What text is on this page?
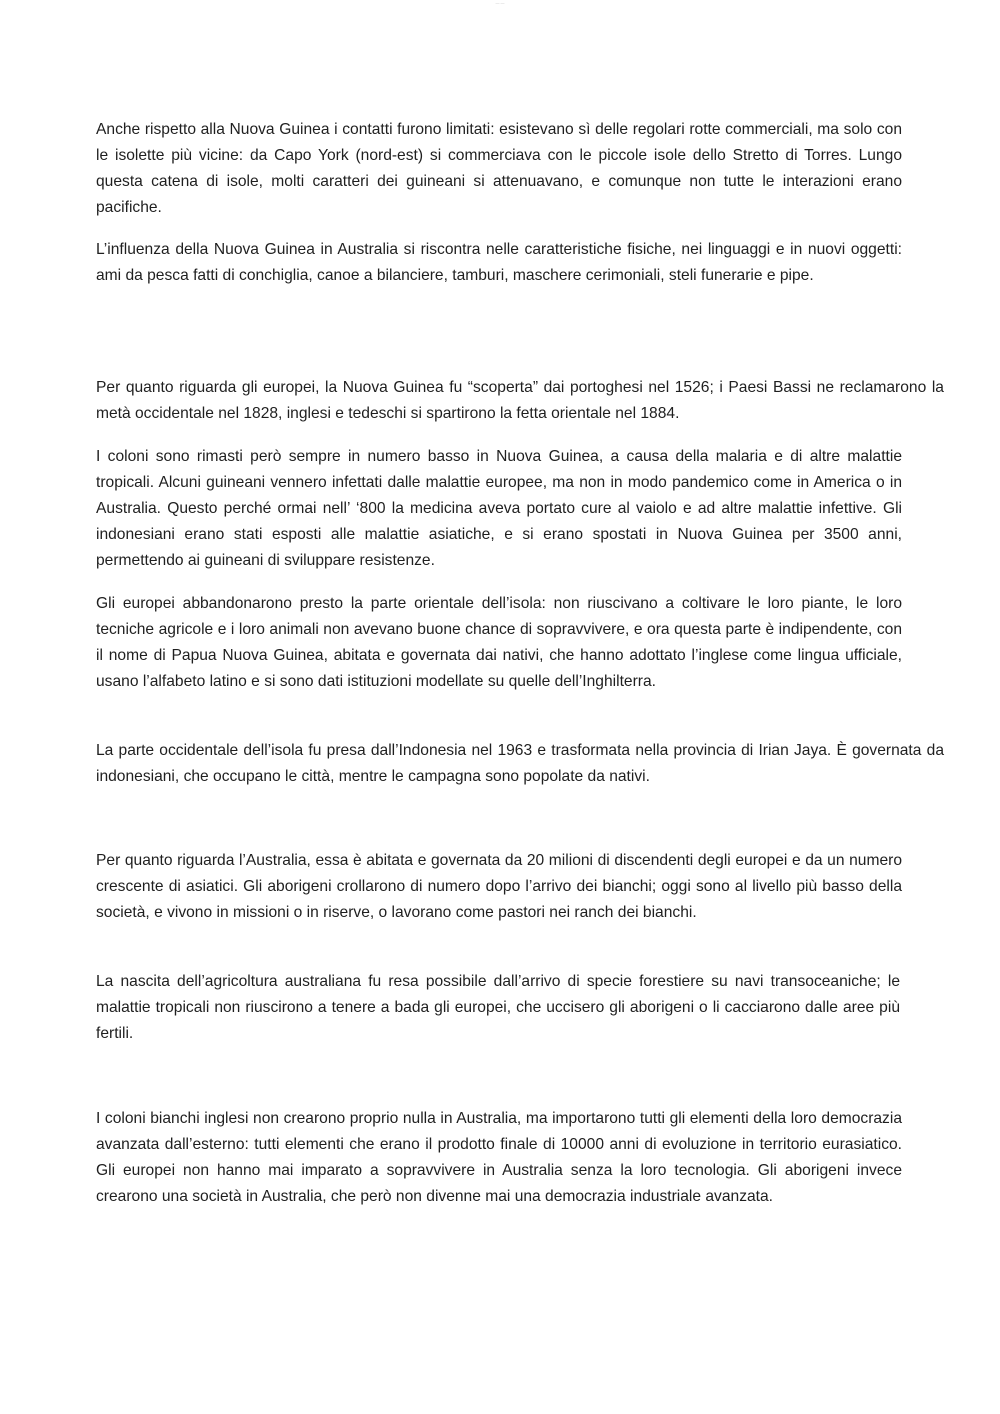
— —

Anche rispetto alla Nuova Guinea i contatti furono limitati: esistevano sì delle regolari rotte commerciali, ma solo con le isolette più vicine: da Capo York (nord-est) si commerciava con le piccole isole dello Stretto di Torres. Lungo questa catena di isole, molti caratteri dei guineani si attenuavano, e comunque non tutte le interazioni erano pacifiche.

L’influenza della Nuova Guinea in Australia si riscontra nelle caratteristiche fisiche, nei linguaggi e in nuovi oggetti: ami da pesca fatti di conchiglia, canoe a bilanciere, tamburi, maschere cerimoniali, steli funerarie e pipe.

Per quanto riguarda gli europei, la Nuova Guinea fu “scoperta” dai portoghesi nel 1526; i Paesi Bassi ne reclamarono la metà occidentale nel 1828, inglesi e tedeschi si spartirono la fetta orientale nel 1884.

I coloni sono rimasti però sempre in numero basso in Nuova Guinea, a causa della malaria e di altre malattie tropicali. Alcuni guineani vennero infettati dalle malattie europee, ma non in modo pandemico come in America o in Australia. Questo perché ormai nell’ ‘800 la medicina aveva portato cure al vaiolo e ad altre malattie infettive. Gli indonesiani erano stati esposti alle malattie asiatiche, e si erano spostati in Nuova Guinea per 3500 anni, permettendo ai guineani di sviluppare resistenze.

Gli europei abbandonarono presto la parte orientale dell’isola: non riuscivano a coltivare le loro piante, le loro tecniche agricole e i loro animali non avevano buone chance di sopravvivere, e ora questa parte è indipendente, con il nome di Papua Nuova Guinea, abitata e governata dai nativi, che hanno adottato l’inglese come lingua ufficiale, usano l’alfabeto latino e si sono dati istituzioni modellate su quelle dell’Inghilterra.

La parte occidentale dell’isola fu presa dall’Indonesia nel 1963 e trasformata nella provincia di Irian Jaya. È governata da indonesiani, che occupano le città, mentre le campagna sono popolate da nativi.

Per quanto riguarda l’Australia, essa è abitata e governata da 20 milioni di discendenti degli europei e da un numero crescente di asiatici. Gli aborigeni crollarono di numero dopo l’arrivo dei bianchi; oggi sono al livello più basso della società, e vivono in missioni o in riserve, o lavorano come pastori nei ranch dei bianchi.

La nascita dell’agricoltura australiana fu resa possibile dall’arrivo di specie forestiere su navi transoceaniche; le malattie tropicali non riuscirono a tenere a bada gli europei, che uccisero gli aborigeni o li cacciarono dalle aree più fertili.

I coloni bianchi inglesi non crearono proprio nulla in Australia, ma importarono tutti gli elementi della loro democrazia avanzata dall’esterno: tutti elementi che erano il prodotto finale di 10000 anni di evoluzione in territorio eurasiatico. Gli europei non hanno mai imparato a sopravvivere in Australia senza la loro tecnologia. Gli aborigeni invece crearono una società in Australia, che però non divenne mai una democrazia industriale avanzata.
